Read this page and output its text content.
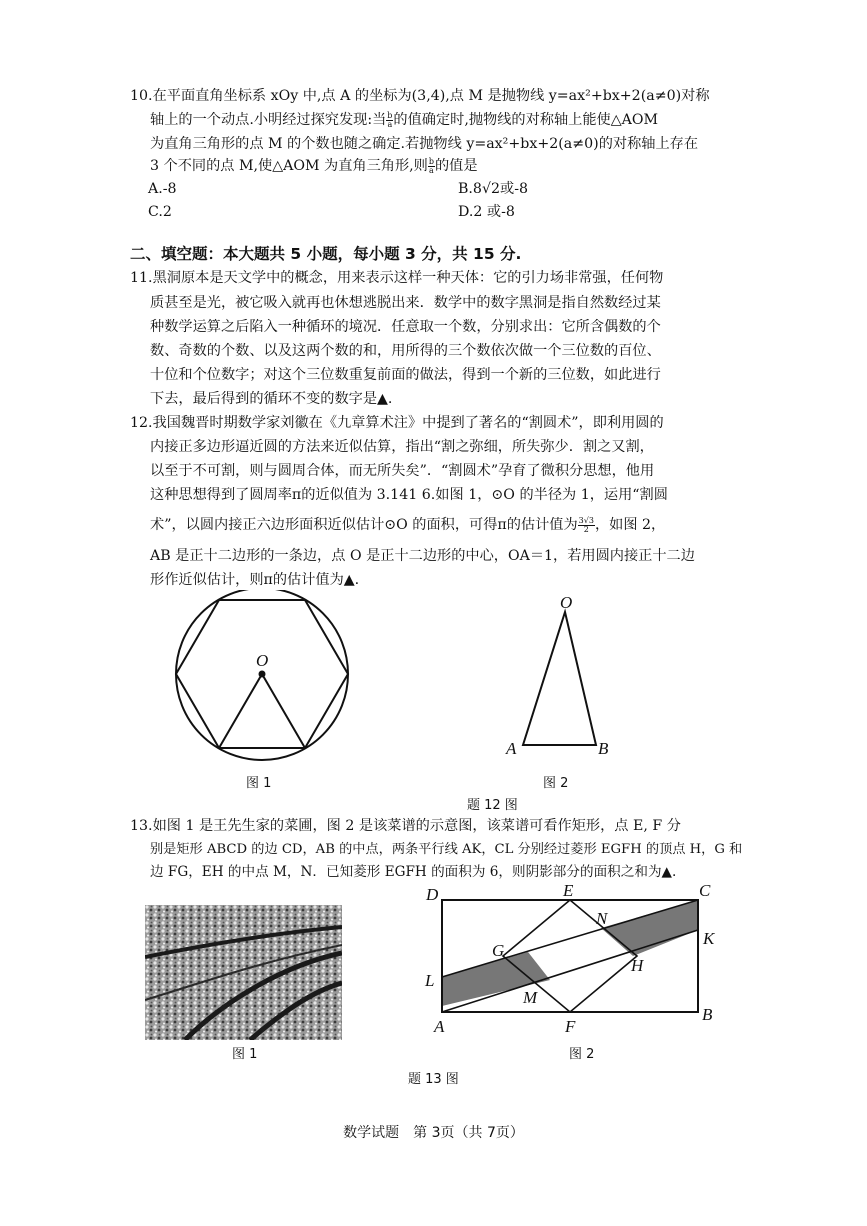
10.在平面直角坐标系 xOy 中,点 A 的坐标为(3,4),点 M 是抛物线 y=ax²+bx+2(a≠0)对称
轴上的一个动点.小明经过探究发现:当 $\frac{b}{a}$ 的值确定时,抛物线的对称轴上能使△AOM
为直角三角形的点 M 的个数也随之确定.若抛物线 y=ax²+bx+2(a≠0)的对称轴上存在
3 个不同的点 M,使△AOM 为直角三角形,则 $\frac{b}{a}$ 的值是
A.-8	B.8√2或-8
C.2	D.2 或-8
二、填空题：本大题共 5 小题，每小题 3 分，共 15 分.
11.黑洞原本是天文学中的概念，用来表示这样一种天体：它的引力场非常强，任何物
质甚至是光，被它吸入就再也休想逃脱出来．数学中的数字黑洞是指自然数经过某
种数学运算之后陷入一种循环的境况．任意取一个数，分别求出：它所含偶数的个
数、奇数的个数、以及这两个数的和，用所得的三个数依次做一个三位数的百位、
十位和个位数字；对这个三位数重复前面的做法，得到一个新的三位数，如此进行
下去，最后得到的循环不变的数字是▲.
12.我国魏晋时期数学家刘徽在《九章算术注》中提到了著名的“割圆术”，即利用圆的
内接正多边形逼近圆的方法来近似估算，指出“割之弥细，所失弥少．割之又割，
以至于不可割，则与圆周合体，而无所失矣”．“割圆术”孕育了微积分思想，他用
这种思想得到了圆周率π的近似值为 3.141 6.如图 1，⊙O 的半径为 1，运用“割圆
术”，以圆内接正六边形面积近似估计⊙O 的面积，可得π的估计值为 $\frac{3√3}{2}$ ，如图 2，
AB 是正十二边形的一条边，点 O 是正十二边形的中心，OA＝1，若用圆内接正十二边
形作近似估计，则π的估计值为▲.
O
图 1
O
A	B
图 2
题 12 图
13.如图 1 是王先生家的菜圃，图 2 是该菜谱的示意图，该菜谱可看作矩形，点 E, F 分
别是矩形 ABCD 的边 CD，AB 的中点，两条平行线 AK，CL 分别经过菱形 EGFH 的顶点 H，G 和
边 FG，EH 的中点 M，N．已知菱形 EGFH 的面积为 6，则阴影部分的面积之和为▲.
图 1
D	E	C
N
K
G
H
L
M
A	F
B
图 2
题 13 图
数学试题　第 3页（共 7页）
